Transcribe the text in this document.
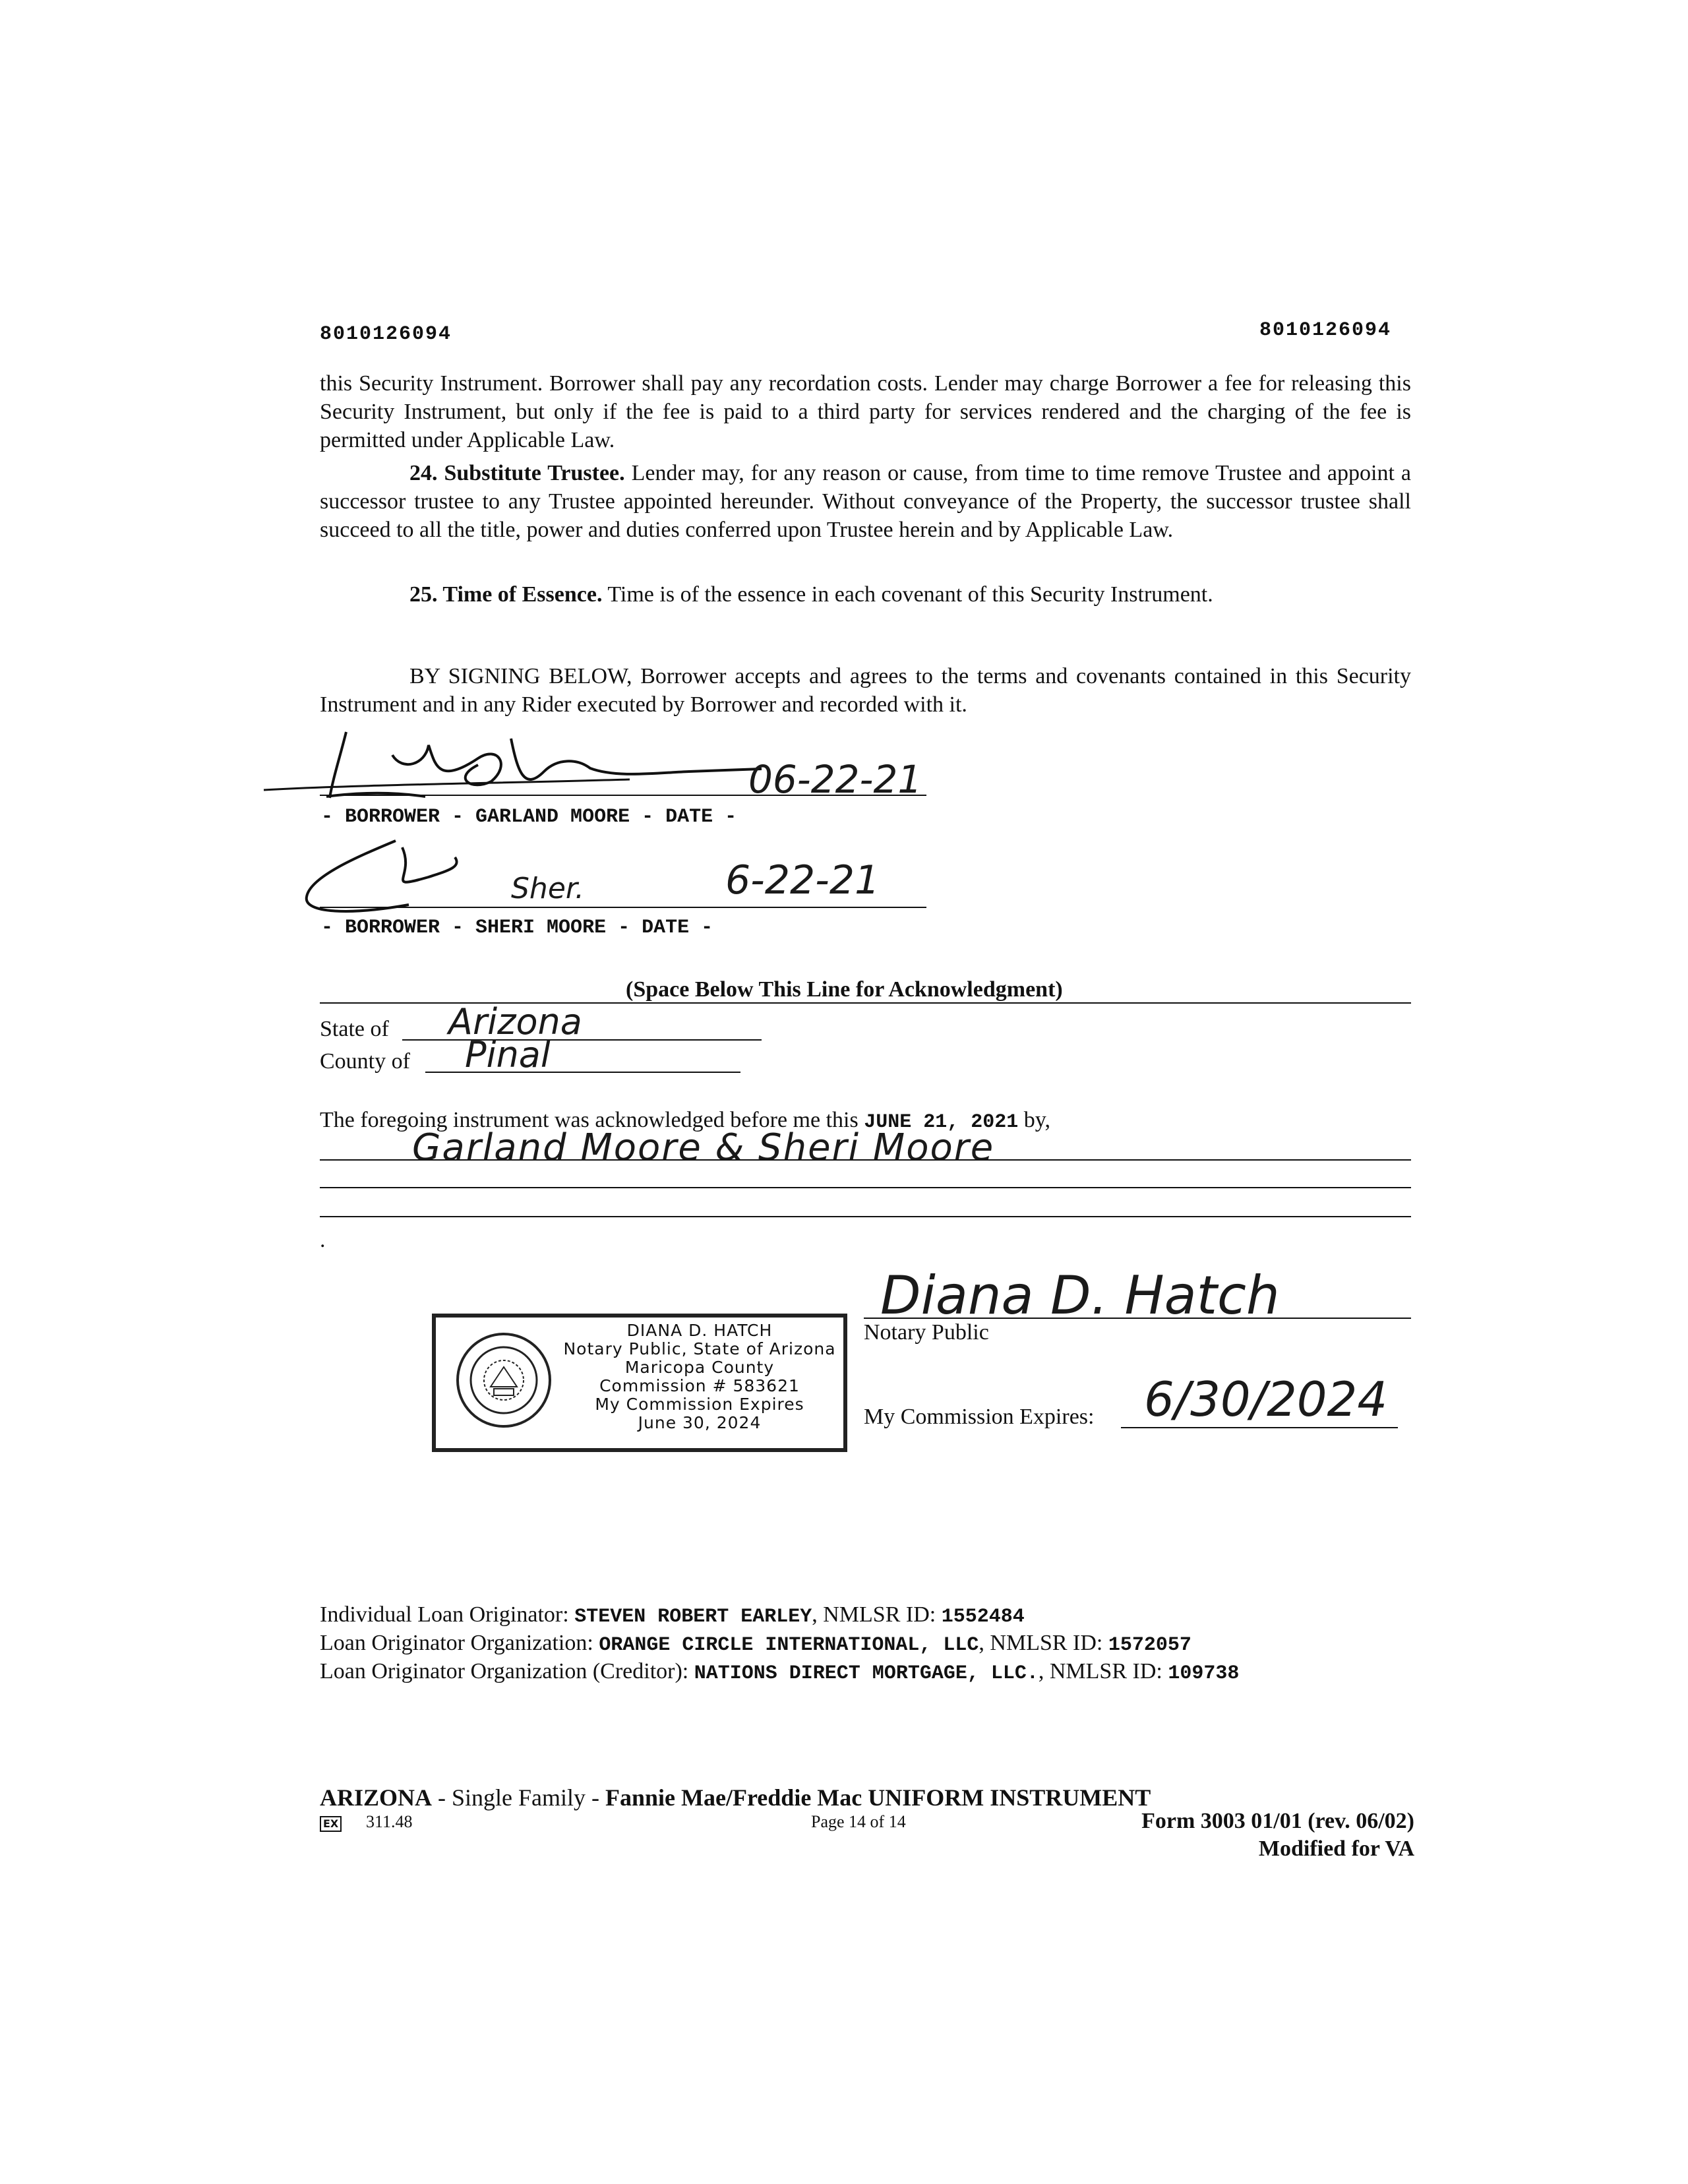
8010126094	8010126094
this Security Instrument. Borrower shall pay any recordation costs. Lender may charge Borrower a fee for releasing this Security Instrument, but only if the fee is paid to a third party for services rendered and the charging of the fee is permitted under Applicable Law.
24. Substitute Trustee. Lender may, for any reason or cause, from time to time remove Trustee and appoint a successor trustee to any Trustee appointed hereunder. Without conveyance of the Property, the successor trustee shall succeed to all the title, power and duties conferred upon Trustee herein and by Applicable Law.
25. Time of Essence. Time is of the essence in each covenant of this Security Instrument.
BY SIGNING BELOW, Borrower accepts and agrees to the terms and covenants contained in this Security Instrument and in any Rider executed by Borrower and recorded with it.
06-22-21
- BORROWER - GARLAND MOORE - DATE -
Sher.	6-22-21
- BORROWER - SHERI MOORE - DATE -
(Space Below This Line for Acknowledgment)
State of Arizona
County of Pinal
The foregoing instrument was acknowledged before me this JUNE 21, 2021 by,
Garland Moore & Sheri Moore
.
DIANA D. HATCH
Notary Public, State of Arizona
Maricopa County
Commission # 583621
My Commission Expires
June 30, 2024
Diana D. Hatch
Notary Public
My Commission Expires: 6/30/2024
Individual Loan Originator: STEVEN ROBERT EARLEY, NMLSR ID: 1552484
Loan Originator Organization: ORANGE CIRCLE INTERNATIONAL, LLC, NMLSR ID: 1572057
Loan Originator Organization (Creditor): NATIONS DIRECT MORTGAGE, LLC., NMLSR ID: 109738
ARIZONA - Single Family - Fannie Mae/Freddie Mac UNIFORM INSTRUMENT
EX 311.48	Page 14 of 14	Form 3003 01/01 (rev. 06/02)
Modified for VA
